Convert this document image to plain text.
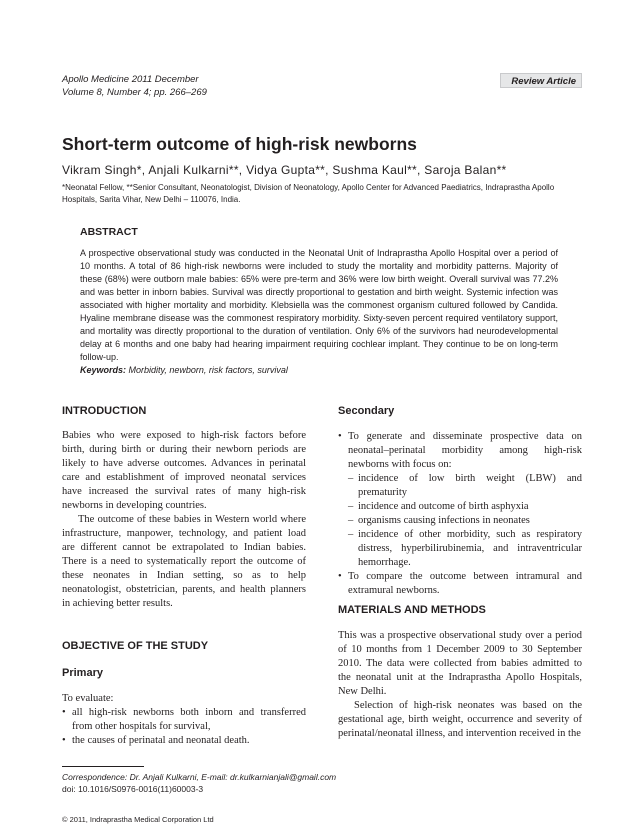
Apollo Medicine 2011 December
Volume 8, Number 4; pp. 266–269
Review Article
Short-term outcome of high-risk newborns
Vikram Singh*, Anjali Kulkarni**, Vidya Gupta**, Sushma Kaul**, Saroja Balan**
*Neonatal Fellow, **Senior Consultant, Neonatologist, Division of Neonatology, Apollo Center for Advanced Paediatrics, Indraprastha Apollo Hospitals, Sarita Vihar, New Delhi – 110076, India.
ABSTRACT

A prospective observational study was conducted in the Neonatal Unit of Indraprastha Apollo Hospital over a period of 10 months. A total of 86 high-risk newborns were included to study the mortality and morbidity patterns. Majority of these (68%) were outborn male babies: 65% were pre-term and 36% were low birth weight. Overall survival was 77.2% and was better in inborn babies. Survival was directly proportional to gestation and birth weight. Systemic infection was associated with higher mortality and morbidity. Klebsiella was the commonest organism cultured followed by Candida. Hyaline membrane disease was the commonest respiratory morbidity. Sixty-seven percent required ventilatory support, and mortality was directly proportional to the duration of ventilation. Only 6% of the survivors had neurodevelopmental delay at 6 months and one baby had hearing impairment requiring cochlear implant. They continue to be on long-term follow-up.

Keywords: Morbidity, newborn, risk factors, survival
INTRODUCTION

Babies who were exposed to high-risk factors before birth, during birth or during their newborn periods are likely to have adverse outcomes. Advances in perinatal care and establishment of improved neonatal services have increased the survival rates of many high-risk newborns in developing countries.

The outcome of these babies in Western world where infrastructure, manpower, technology, and patient load are different cannot be extrapolated to Indian babies. There is a need to systematically report the outcome of these neonates in Indian setting, so as to help neonatologist, obstetrician, parents, and health planners in achieving better results.

OBJECTIVE OF THE STUDY
Primary

To evaluate:

• all high-risk newborns both inborn and transferred from other hospitals for survival,
• the causes of perinatal and neonatal death.
Secondary
• To generate and disseminate prospective data on neonatal–perinatal morbidity among high-risk newborns with focus on:
– incidence of low birth weight (LBW) and prematurity
– incidence and outcome of birth asphyxia
– organisms causing infections in neonates
– incidence of other morbidity, such as respiratory distress, hyperbilirubinemia, and intraventricular hemorrhage.
• To compare the outcome between intramural and extramural newborns.
MATERIALS AND METHODS

This was a prospective observational study over a period of 10 months from 1 December 2009 to 30 September 2010. The data were collected from babies admitted to the neonatal unit at the Indraprastha Apollo Hospitals, New Delhi.

Selection of high-risk neonates was based on the gestational age, birth weight, occurrence and severity of perinatal/neonatal illness, and intervention received in the

Correspondence: Dr. Anjali Kulkarni, E-mail: dr.kulkarnianjali@gmail.com
doi: 10.1016/S0976-0016(11)60003-3
© 2011, Indraprastha Medical Corporation Ltd
